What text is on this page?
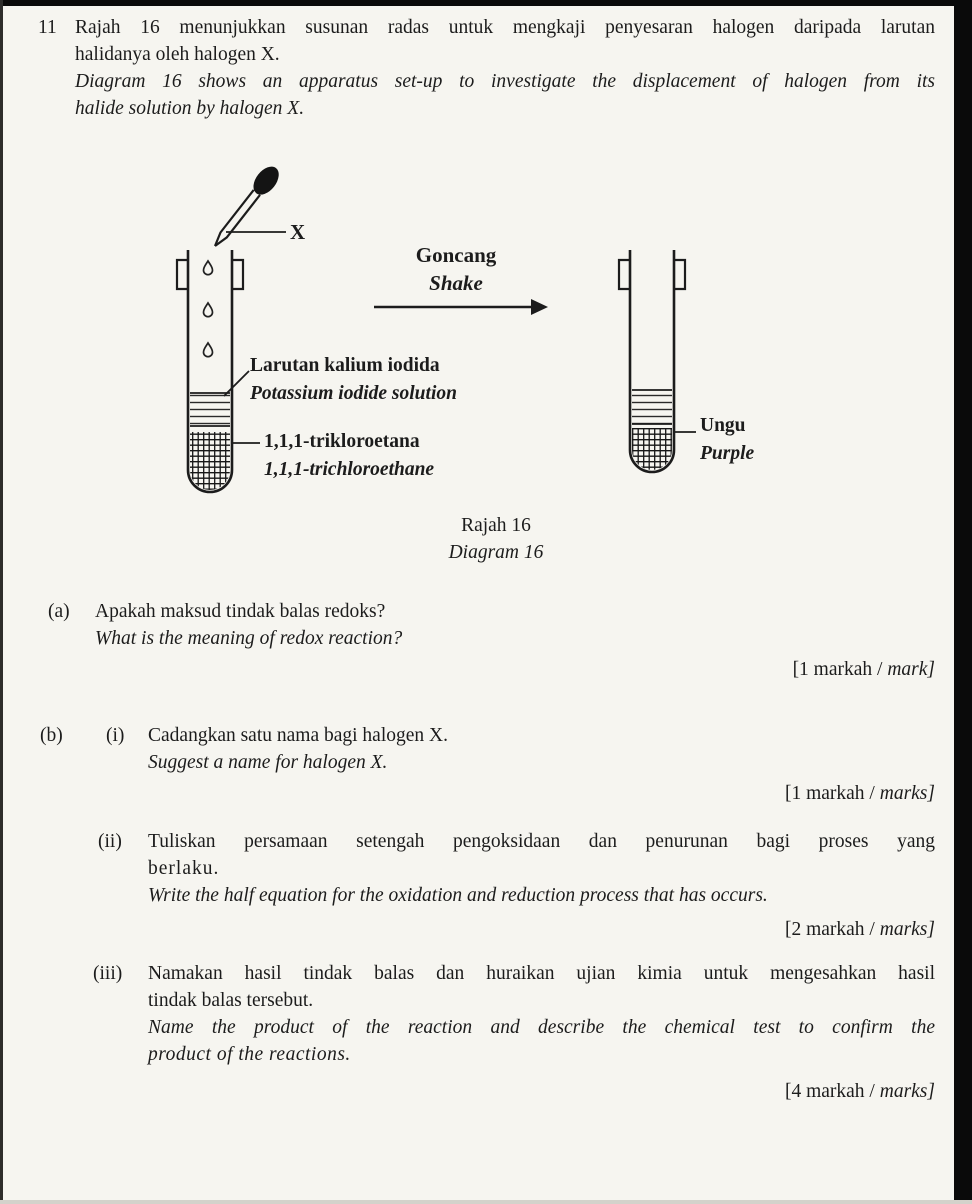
11 Rajah 16 menunjukkan susunan radas untuk mengkaji penyesaran halogen daripada larutan
halidanya oleh halogen X.
Diagram 16 shows an apparatus set-up to investigate the displacement of halogen from its
halide solution by halogen X.
X
Goncang
Shake
Larutan kalium iodida
Potassium iodide solution
1,1,1-trikloroetana
1,1,1-trichloroethane
Ungu
Purple
Rajah 16
Diagram 16
(a)	Apakah maksud tindak balas redoks?
What is the meaning of redox reaction?
[1 markah / mark]
(b)	(i)	Cadangkan satu nama bagi halogen X.
Suggest a name for halogen X.
[1 markah / marks]
(ii)	Tuliskan persamaan setengah pengoksidaan dan penurunan bagi proses yang
berlaku.
Write the half equation for the oxidation and reduction process that has occurs.
[2 markah / marks]
(iii)	Namakan hasil tindak balas dan huraikan ujian kimia untuk mengesahkan hasil
tindak balas tersebut.
Name the product of the reaction and describe the chemical test to confirm the
product of the reactions.
[4 markah / marks]
